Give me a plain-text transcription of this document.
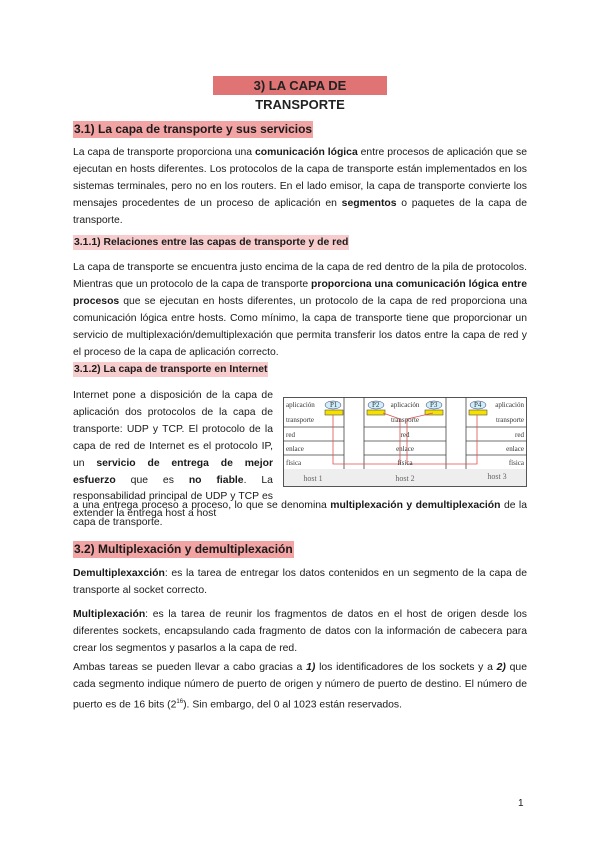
3) LA CAPA DE TRANSPORTE
3.1) La capa de transporte y sus servicios
La capa de transporte proporciona una comunicación lógica entre procesos de aplicación que se ejecutan en hosts diferentes. Los protocolos de la capa de transporte están implementados en los sistemas terminales, pero no en los routers. En el lado emisor, la capa de transporte convierte los mensajes procedentes de un proceso de aplicación en segmentos o paquetes de la capa de transporte.
3.1.1) Relaciones entre las capas de transporte y de red
La capa de transporte se encuentra justo encima de la capa de red dentro de la pila de protocolos. Mientras que un protocolo de la capa de transporte proporciona una comunicación lógica entre procesos que se ejecutan en hosts diferentes, un protocolo de la capa de red proporciona una comunicación lógica entre hosts. Como mínimo, la capa de transporte tiene que proporcionar un servicio de multiplexación/demultiplexación que permita transferir los datos entre la capa de red y el proceso de la capa de aplicación correcto.
3.1.2) La capa de transporte en Internet
Internet pone a disposición de la capa de aplicación dos protocolos de la capa de transporte: UDP y TCP. El protocolo de la capa de red de Internet es el protocolo IP, un servicio de entrega de mejor esfuerzo que es no fiable. La responsabilidad principal de UDP y TCP es extender la entrega host a host
a una entrega proceso a proceso, lo que se denomina multiplexación y demultiplexación de la capa de transporte.
P1	P2	P3	P4
aplicación
transporte
red
enlace
física
aplicación
transporte
red
enlace
física
aplicación
transporte
red
enlace
física
host 1	host 2	host 3
3.2) Multiplexación y demultiplexación
Demultiplexaxción: es la tarea de entregar los datos contenidos en un segmento de la capa de transporte al socket correcto.
Multiplexación: es la tarea de reunir los fragmentos de datos en el host de origen desde los diferentes sockets, encapsulando cada fragmento de datos con la información de cabecera para crear los segmentos y pasarlos a la capa de red.
Ambas tareas se pueden llevar a cabo gracias a 1) los identificadores de los sockets y a 2) que cada segmento indique número de puerto de origen y número de puerto de destino. El número de puerto es de 16 bits $(2^{16})$. Sin embargo, del 0 al 1023 están reservados.
1
